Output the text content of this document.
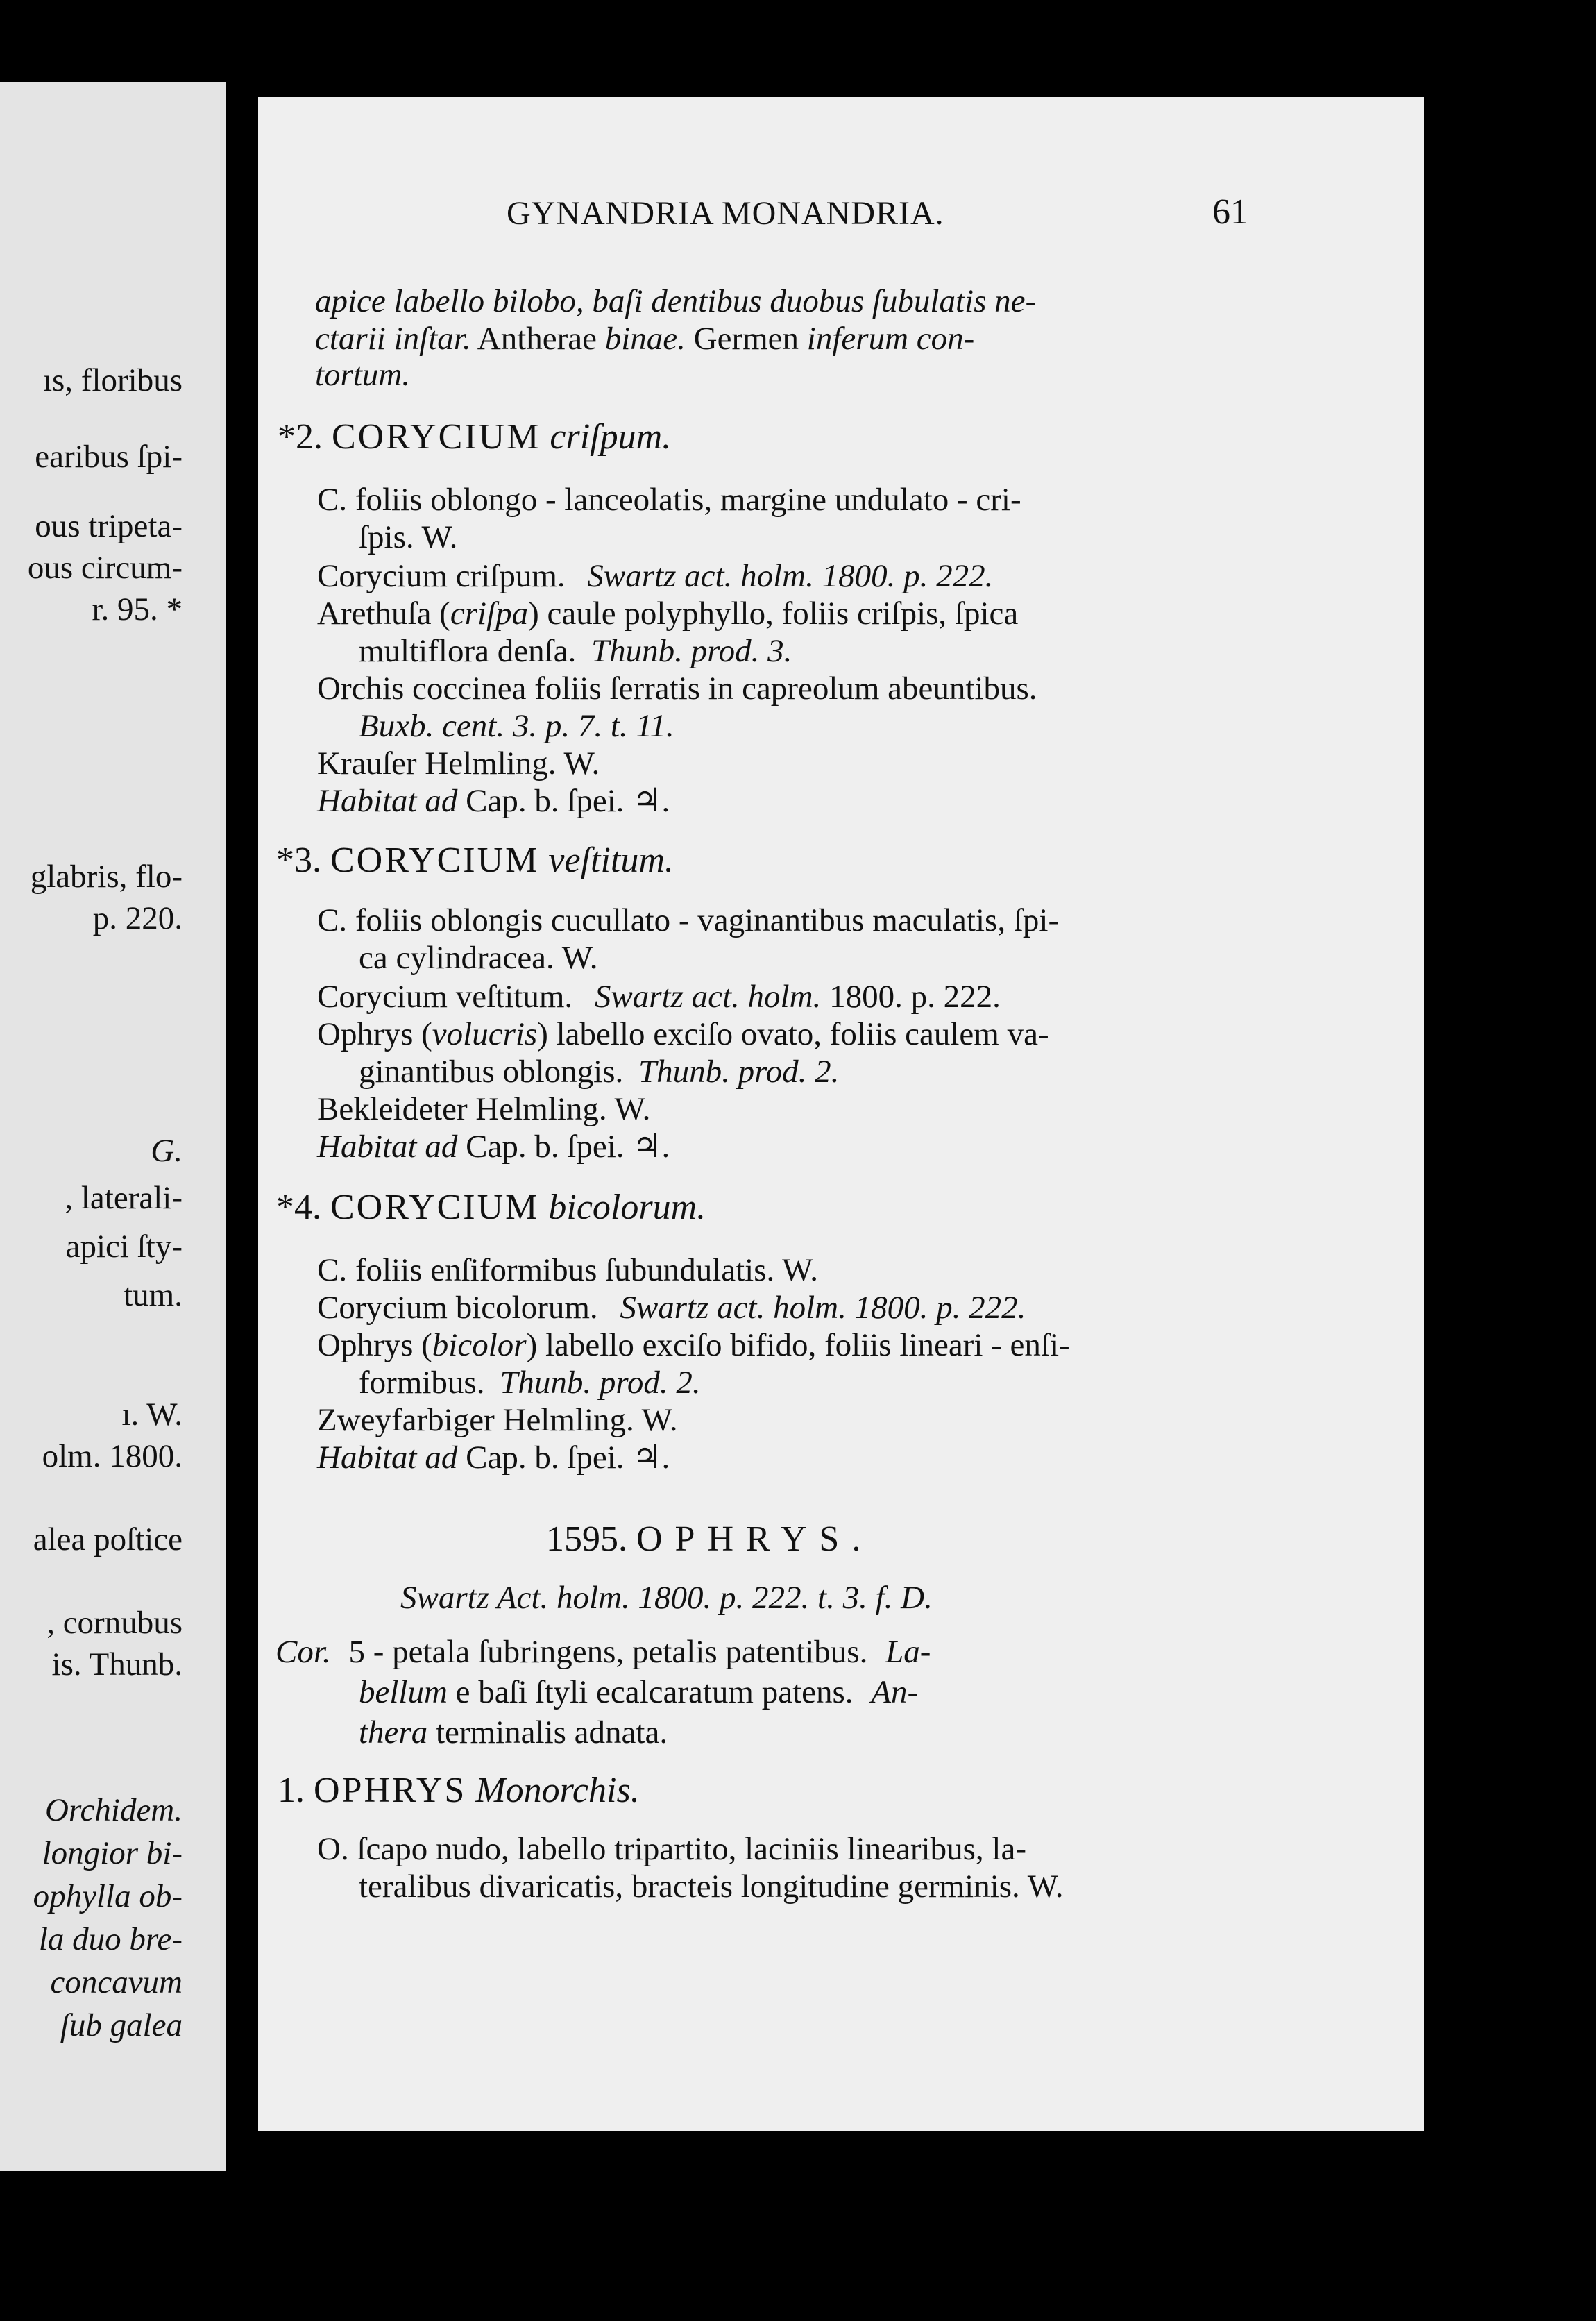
ıs, floribus
earibus ſpi-
ous tripeta-
ous circum-
r. 95. *
glabris, flo-
p. 220.
G.
, laterali-
apici ſty-
tum.
ı. W.
olm. 1800.
alea poſtice
, cornubus
is. Thunb.
Orchidem.
longior bi-
ophylla ob-
la duo bre-
concavum
ſub galea
GYNANDRIA MONANDRIA.	61
apice labello bilobo, baſi dentibus duobus ſubulatis ne-
ctarii inſtar. Antherae binae. Germen inferum con-
tortum.
*2. CORYCIUM criſpum.
C. foliis oblongo - lanceolatis, margine undulato - cri-
ſpis. W.
Corycium criſpum. Swartz act. holm. 1800. p. 222.
Arethuſa (criſpa) caule polyphyllo, foliis criſpis, ſpica
multiflora denſa. Thunb. prod. 3.
Orchis coccinea foliis ſerratis in capreolum abeuntibus.
Buxb. cent. 3. p. 7. t. 11.
Krauſer Helmling. W.
Habitat ad Cap. b. ſpei. ♃.
*3. CORYCIUM veſtitum.
C. foliis oblongis cucullato - vaginantibus maculatis, ſpi-
ca cylindracea. W.
Corycium veſtitum. Swartz act. holm. 1800. p. 222.
Ophrys (volucris) labello exciſo ovato, foliis caulem va-
ginantibus oblongis. Thunb. prod. 2.
Bekleideter Helmling. W.
Habitat ad Cap. b. ſpei. ♃.
*4. CORYCIUM bicolorum.
C. foliis enſiformibus ſubundulatis. W.
Corycium bicolorum. Swartz act. holm. 1800. p. 222.
Ophrys (bicolor) labello exciſo bifido, foliis lineari - enſi-
formibus. Thunb. prod. 2.
Zweyfarbiger Helmling. W.
Habitat ad Cap. b. ſpei. ♃.
1595. OPHRYS.
Swartz Act. holm. 1800. p. 222. t. 3. f. D.
Cor. 5 - petala ſubringens, petalis patentibus. La-
bellum e baſi ſtyli ecalcaratum patens. An-
thera terminalis adnata.
1. OPHRYS Monorchis.
O. ſcapo nudo, labello tripartito, laciniis linearibus, la-
teralibus divaricatis, bracteis longitudine germinis. W.
